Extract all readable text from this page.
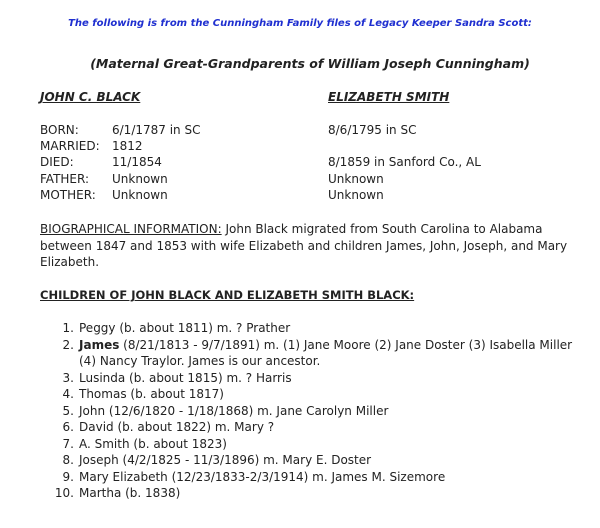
The following is from the Cunningham Family files of Legacy Keeper Sandra Scott:
(Maternal Great-Grandparents of William Joseph Cunningham)
JOHN C. BLACK	ELIZABETH SMITH
BORN:	6/1/1787 in SC	8/6/1795 in SC
MARRIED: 1812
DIED:	11/1854	8/1859 in Sanford Co., AL
FATHER: Unknown	Unknown
MOTHER: Unknown	Unknown
BIOGRAPHICAL INFORMATION: John Black migrated from South Carolina to Alabama between 1847 and 1853 with wife Elizabeth and children James, John, Joseph, and Mary Elizabeth.
CHILDREN OF JOHN BLACK AND ELIZABETH SMITH BLACK:
1. Peggy (b. about 1811) m. ? Prather
2. James (8/21/1813 - 9/7/1891) m. (1) Jane Moore (2) Jane Doster (3) Isabella Miller (4) Nancy Traylor. James is our ancestor.
3. Lusinda (b. about 1815) m. ? Harris
4. Thomas (b. about 1817)
5. John (12/6/1820 - 1/18/1868) m. Jane Carolyn Miller
6. David (b. about 1822) m. Mary ?
7. A. Smith (b. about 1823)
8. Joseph (4/2/1825 - 11/3/1896) m. Mary E. Doster
9. Mary Elizabeth (12/23/1833-2/3/1914) m. James M. Sizemore
10. Martha (b. 1838)
